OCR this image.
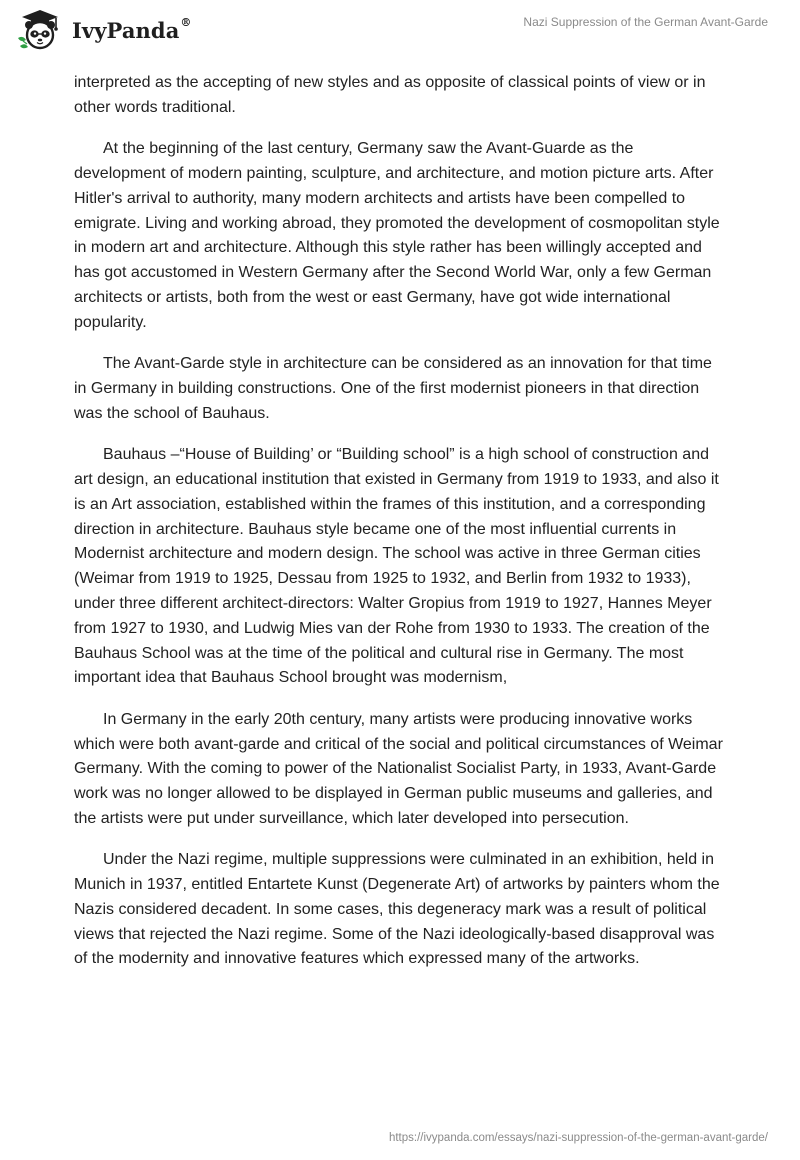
IvyPanda®	Nazi Suppression of the German Avant-Garde

interpreted as the accepting of new styles and as opposite of classical points of view or in other words traditional.

At the beginning of the last century, Germany saw the Avant-Guarde as the development of modern painting, sculpture, and architecture, and motion picture arts. After Hitler's arrival to authority, many modern architects and artists have been compelled to emigrate. Living and working abroad, they promoted the development of cosmopolitan style in modern art and architecture. Although this style rather has been willingly accepted and has got accustomed in Western Germany after the Second World War, only a few German architects or artists, both from the west or east Germany, have got wide international popularity.

The Avant-Garde style in architecture can be considered as an innovation for that time in Germany in building constructions. One of the first modernist pioneers in that direction was the school of Bauhaus.

Bauhaus –“House of Building’ or “Building school” is a high school of construction and art design, an educational institution that existed in Germany from 1919 to 1933, and also it is an Art association, established within the frames of this institution, and a corresponding direction in architecture. Bauhaus style became one of the most influential currents in Modernist architecture and modern design. The school was active in three German cities (Weimar from 1919 to 1925, Dessau from 1925 to 1932, and Berlin from 1932 to 1933), under three different architect-directors: Walter Gropius from 1919 to 1927, Hannes Meyer from 1927 to 1930, and Ludwig Mies van der Rohe from 1930 to 1933. The creation of the Bauhaus School was at the time of the political and cultural rise in Germany. The most important idea that Bauhaus School brought was modernism,

In Germany in the early 20th century, many artists were producing innovative works which were both avant-garde and critical of the social and political circumstances of Weimar Germany. With the coming to power of the Nationalist Socialist Party, in 1933, Avant-Garde work was no longer allowed to be displayed in German public museums and galleries, and the artists were put under surveillance, which later developed into persecution.

Under the Nazi regime, multiple suppressions were culminated in an exhibition, held in Munich in 1937, entitled Entartete Kunst (Degenerate Art) of artworks by painters whom the Nazis considered decadent. In some cases, this degeneracy mark was a result of political views that rejected the Nazi regime. Some of the Nazi ideologically-based disapproval was of the modernity and innovative features which expressed many of the artworks.

https://ivypanda.com/essays/nazi-suppression-of-the-german-avant-garde/
